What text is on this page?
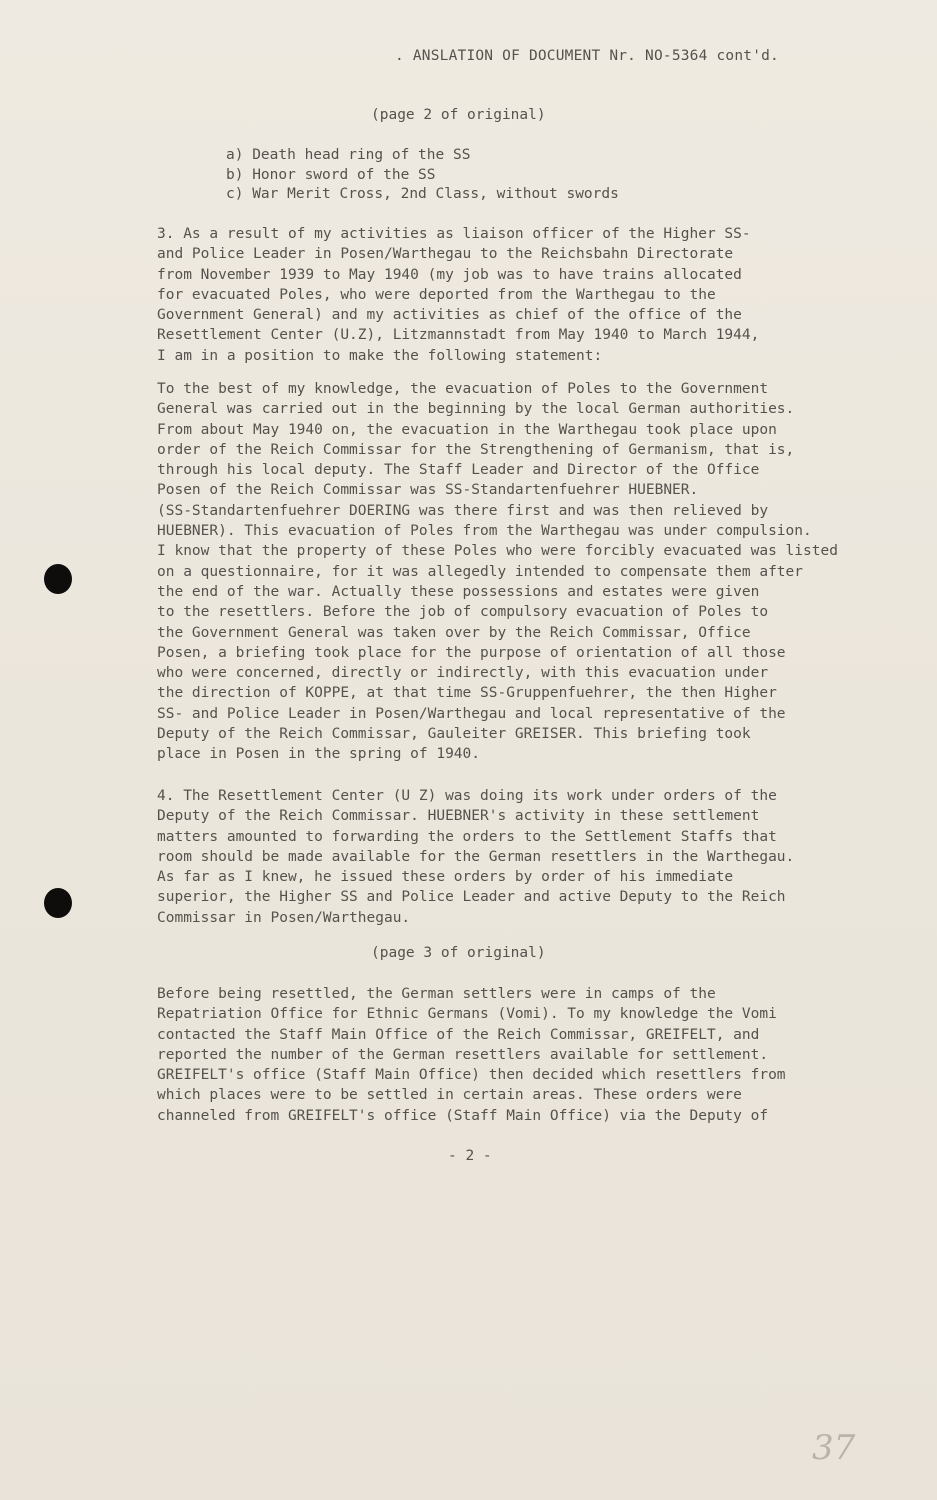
. ANSLATION OF DOCUMENT Nr. NO-5364 cont'd.
(page 2 of original)
a) Death head ring of the SS
b) Honor sword of the SS
c) War Merit Cross, 2nd Class, without swords
3. As a result of my activities as liaison officer of the Higher SS-
and Police Leader in Posen/Warthegau to the Reichsbahn Directorate
from November 1939 to May 1940 (my job was to have trains allocated
for evacuated Poles, who were deported from the Warthegau to the
Government General) and my activities as chief of the office of the
Resettlement Center (U.Z), Litzmannstadt from May 1940 to March 1944,
I am in a position to make the following statement:
To the best of my knowledge, the evacuation of Poles to the Government
General was carried out in the beginning by the local German authorities.
From about May 1940 on, the evacuation in the Warthegau took place upon
order of the Reich Commissar for the Strengthening of Germanism, that is,
through his local deputy. The Staff Leader and Director of the Office
Posen of the Reich Commissar was SS-Standartenfuehrer HUEBNER.
(SS-Standartenfuehrer DOERING was there first and was then relieved by
HUEBNER). This evacuation of Poles from the Warthegau was under compulsion.
I know that the property of these Poles who were forcibly evacuated was listed
on a questionnaire, for it was allegedly intended to compensate them after
the end of the war. Actually these possessions and estates were given
to the resettlers. Before the job of compulsory evacuation of Poles to
the Government General was taken over by the Reich Commissar, Office
Posen, a briefing took place for the purpose of orientation of all those
who were concerned, directly or indirectly, with this evacuation under
the direction of KOPPE, at that time SS-Gruppenfuehrer, the then Higher
SS- and Police Leader in Posen/Warthegau and local representative of the
Deputy of the Reich Commissar, Gauleiter GREISER. This briefing took
place in Posen in the spring of 1940.
4. The Resettlement Center (U Z) was doing its work under orders of the
Deputy of the Reich Commissar. HUEBNER's activity in these settlement
matters amounted to forwarding the orders to the Settlement Staffs that
room should be made available for the German resettlers in the Warthegau.
As far as I knew, he issued these orders by order of his immediate
superior, the Higher SS and Police Leader and active Deputy to the Reich
Commissar in Posen/Warthegau.
(page 3 of original)
Before being resettled, the German settlers were in camps of the
Repatriation Office for Ethnic Germans (Vomi). To my knowledge the Vomi
contacted the Staff Main Office of the Reich Commissar, GREIFELT, and
reported the number of the German resettlers available for settlement.
GREIFELT's office (Staff Main Office) then decided which resettlers from
which places were to be settled in certain areas. These orders were
channeled from GREIFELT's office (Staff Main Office) via the Deputy of
- 2 -
37
